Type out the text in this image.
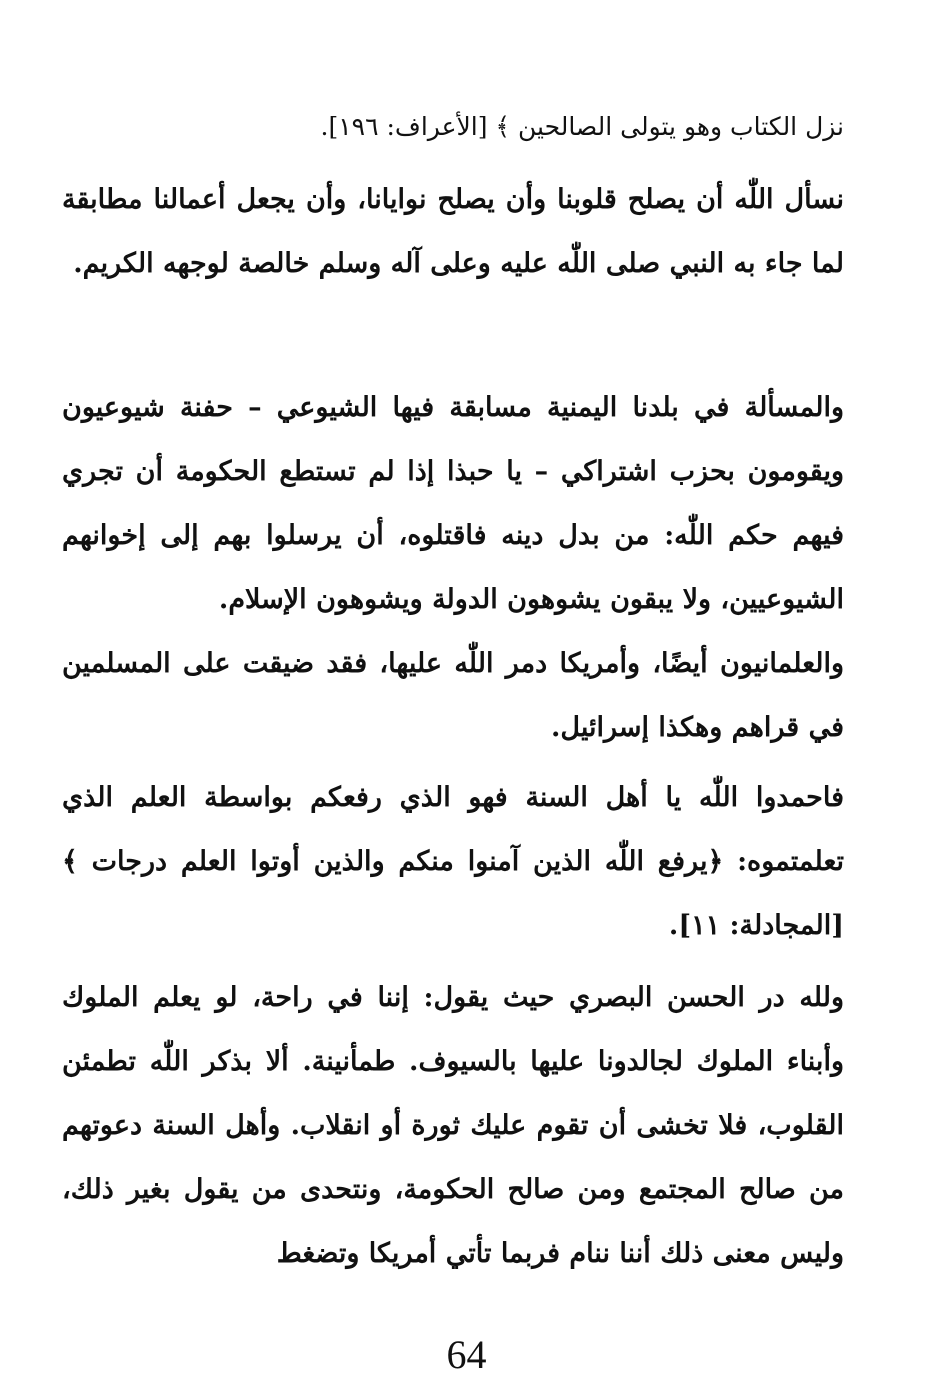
نزل الكتاب وهو يتولى الصالحين ﴾ [الأعراف: ١٩٦].

نسأل اللّٰه أن يصلح قلوبنا وأن يصلح نوايانا، وأن يجعل أعمالنا مطابقة لما جاء به النبي صلى اللّٰه عليه وعلى آله وسلم خالصة لوجهه الكريم.

والمسألة في بلدنا اليمنية مسابقة فيها الشيوعي – حفنة شيوعيون ويقومون بحزب اشتراكي – يا حبذا إذا لم تستطع الحكومة أن تجري فيهم حكم اللّٰه: من بدل دينه فاقتلوه، أن يرسلوا بهم إلى إخوانهم الشيوعيين، ولا يبقون يشوهون الدولة ويشوهون الإسلام.

والعلمانيون أيضًا، وأمريكا دمر اللّٰه عليها، فقد ضيقت على المسلمين في قراهم وهكذا إسرائيل.

فاحمدوا اللّٰه يا أهل السنة فهو الذي رفعكم بواسطة العلم الذي تعلمتموه: ﴿يرفع اللّٰه الذين آمنوا منكم والذين أوتوا العلم درجات ﴾ [المجادلة: ١١].

ولله در الحسن البصري حيث يقول: إننا في راحة، لو يعلم الملوك وأبناء الملوك لجالدونا عليها بالسيوف. طمأنينة. ألا بذكر اللّٰه تطمئن القلوب، فلا تخشى أن تقوم عليك ثورة أو انقلاب. وأهل السنة دعوتهم من صالح المجتمع ومن صالح الحكومة، ونتحدى من يقول بغير ذلك، وليس معنى ذلك أننا ننام فربما تأتي أمريكا وتضغط

64
